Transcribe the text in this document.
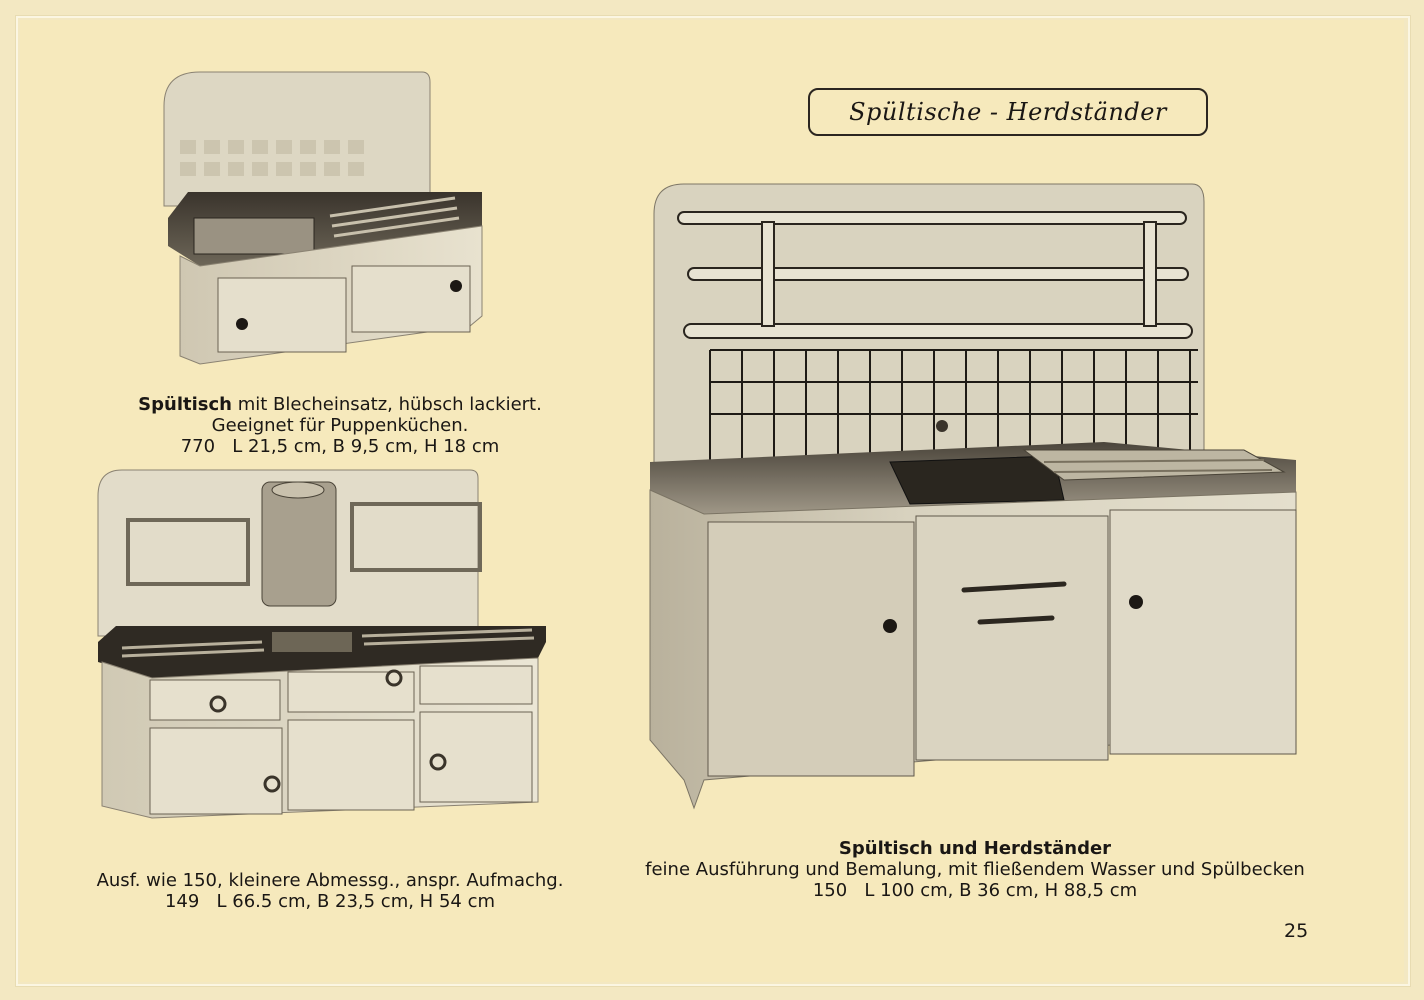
Spültische - Herdständer
Spültisch mit Blecheinsatz, hübsch lackiert.
Geeignet für Puppenküchen.
770 L 21,5 cm, B 9,5 cm, H 18 cm
Ausf. wie 150, kleinere Abmessg., anspr. Aufmachg.
149 L 66.5 cm, B 23,5 cm, H 54 cm
Spültisch und Herdständer
feine Ausführung und Bemalung, mit fließendem Wasser und Spülbecken
150 L 100 cm, B 36 cm, H 88,5 cm
25
